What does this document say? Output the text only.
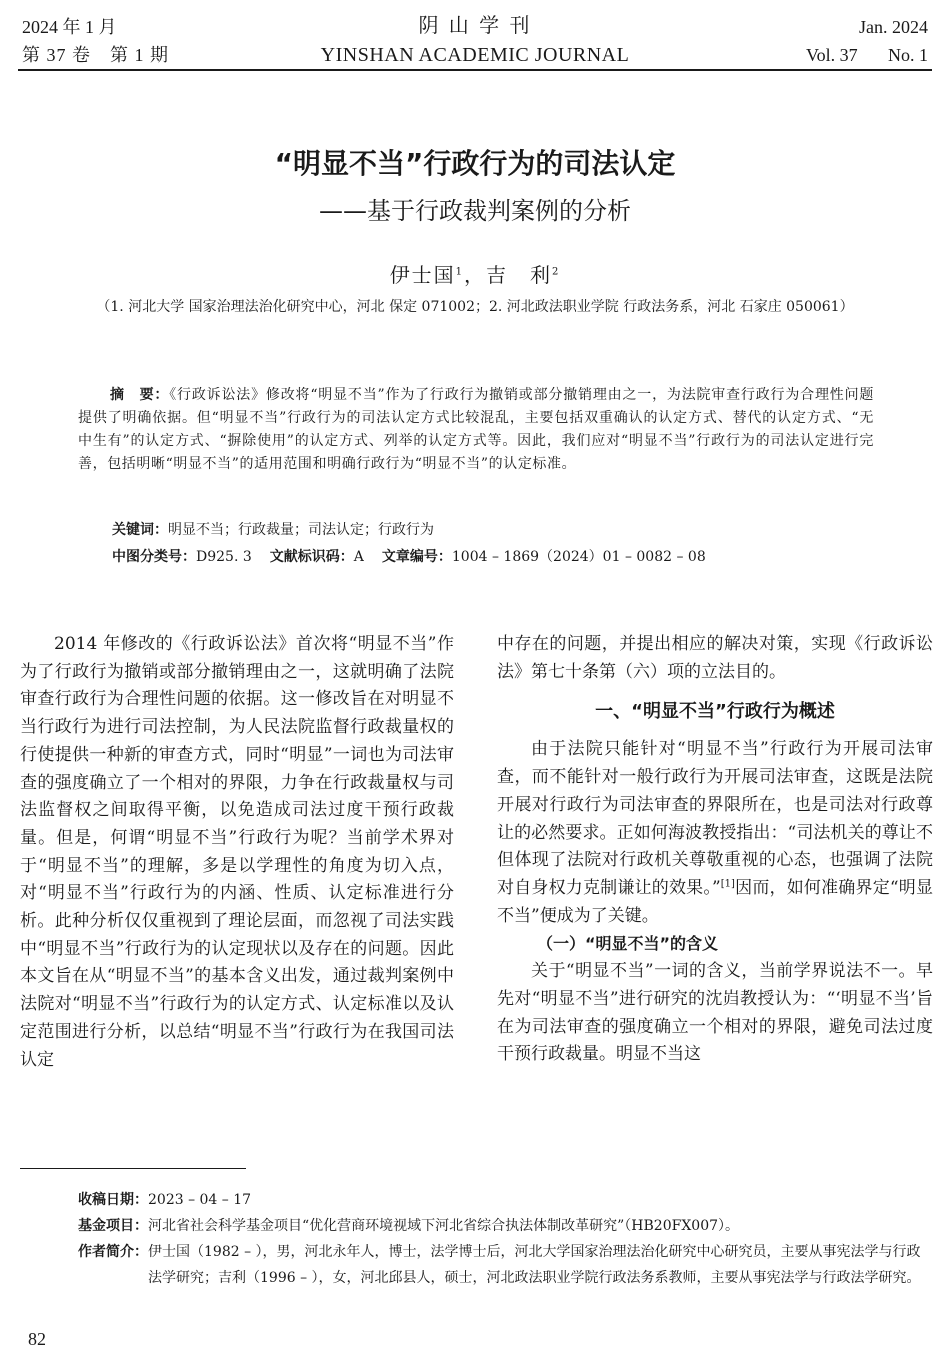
2024 年 1 月
第 37 卷　第 1 期
阴 山 学 刊
YINSHAN ACADEMIC JOURNAL
Jan. 2024
Vol. 37 No. 1
“明显不当”行政行为的司法认定
——基于行政裁判案例的分析
伊士国$^1$，吉　利$^2$
（1. 河北大学 国家治理法治化研究中心，河北 保定 071002；2. 河北政法职业学院 行政法务系，河北 石家庄 050061）
摘　要：《行政诉讼法》修改将“明显不当”作为了行政行为撤销或部分撤销理由之一，为法院审查行政行为合理性问题提供了明确依据。但“明显不当”行政行为的司法认定方式比较混乱，主要包括双重确认的认定方式、替代的认定方式、“无中生有”的认定方式、“摒除使用”的认定方式、列举的认定方式等。因此，我们应对“明显不当”行政行为的司法认定进行完善，包括明晰“明显不当”的适用范围和明确行政行为“明显不当”的认定标准。
关键词：明显不当；行政裁量；司法认定；行政行为
中图分类号：D925. 3 文献标识码：A 文章编号：1004 – 1869（2024）01 – 0082 – 08

2014 年修改的《行政诉讼法》首次将“明显不当”作为了行政行为撤销或部分撤销理由之一，这就明确了法院审查行政行为合理性问题的依据。这一修改旨在对明显不当行政行为进行司法控制，为人民法院监督行政裁量权的行使提供一种新的审查方式，同时“明显”一词也为司法审查的强度确立了一个相对的界限，力争在行政裁量权与司法监督权之间取得平衡，以免造成司法过度干预行政裁量。但是，何谓“明显不当”行政行为呢？当前学术界对于“明显不当”的理解，多是以学理性的角度为切入点，对“明显不当”行政行为的内涵、性质、认定标准进行分析。此种分析仅仅重视到了理论层面，而忽视了司法实践中“明显不当”行政行为的认定现状以及存在的问题。因此本文旨在从“明显不当”的基本含义出发，通过裁判案例中法院对“明显不当”行政行为的认定方式、认定标准以及认定范围进行分析，以总结“明显不当”行政行为在我国司法认定

中存在的问题，并提出相应的解决对策，实现《行政诉讼法》第七十条第（六）项的立法目的。

一、“明显不当”行政行为概述

由于法院只能针对“明显不当”行政行为开展司法审查，而不能针对一般行政行为开展司法审查，这既是法院开展对行政行为司法审查的界限所在，也是司法对行政尊让的必然要求。正如何海波教授指出：“司法机关的尊让不但体现了法院对行政机关尊敬重视的心态，也强调了法院对自身权力克制谦让的效果。”[1]因而，如何准确界定“明显不当”便成为了关键。

（一）“明显不当”的含义

关于“明显不当”一词的含义，当前学界说法不一。早先对“明显不当”进行研究的沈岿教授认为：“‘明显不当’旨在为司法审查的强度确立一个相对的界限，避免司法过度干预行政裁量。明显不当这

收稿日期： 2023 – 04 – 17
基金项目： 河北省社会科学基金项目“优化营商环境视域下河北省综合执法体制改革研究”（HB20FX007）。
作者简介： 伊士国（1982 – ），男，河北永年人，博士，法学博士后，河北大学国家治理法治化研究中心研究员，主要从事宪法学与行政法学研究；吉利（1996 – ），女，河北邱县人，硕士，河北政法职业学院行政法务系教师，主要从事宪法学与行政法学研究。
82
